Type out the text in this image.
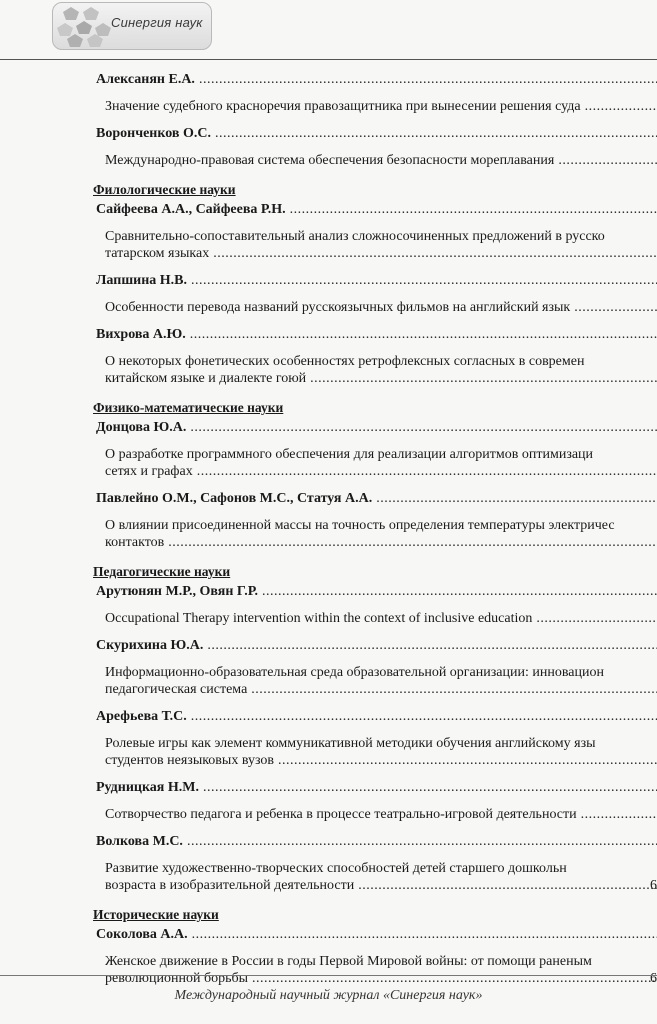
Синергия наук
Алексанян Е.А. .....
Значение судебного красноречия правозащитника при вынесении решения суда .....
Воронченков О.С. .....
Международно-правовая система обеспечения безопасности мореплавания .....
Филологические науки
Сайфеева А.А., Сайфеева Р.Н. .....
Сравнительно-сопоставительный анализ сложносочиненных предложений в русско
татарском языках .....
Лапшина Н.В. .....
Особенности перевода названий русскоязычных фильмов на английский язык .....
Вихрова А.Ю. .....
О некоторых фонетических особенностях ретрофлексных согласных в современ
китайском языке и диалекте гоюй .....
Физико-математические науки
Донцова Ю.А. .....
О разработке программного обеспечения для реализации алгоритмов оптимизаци
сетях и графах .....
Павлейно О.М., Сафонов М.С., Статуя А.А. .....
О влиянии присоединенной массы на точность определения температуры электричес
контактов .....
Педагогические науки
Арутюнян М.Р., Овян Г.Р. .....
Occupational Therapy intervention within the context of inclusive education .....
Скурихина Ю.А. .....
Информационно-образовательная среда образовательной организации: инновацион
педагогическая система .....
Арефьева Т.С. .....
Ролевые игры как элемент коммуникативной методики обучения английскому язы
студентов неязыковых вузов .....
Рудницкая Н.М. .....
Сотворчество педагога и ребенка в процессе театрально-игровой деятельности .....
Волкова М.С. .....
Развитие художественно-творческих способностей детей старшего дошкольн
возраста в изобразительной деятельности .....	6
Исторические науки
Соколова А.А. .....
Женское движение в России в годы Первой Мировой войны: от помощи раненым
революционной борьбы .....	6
Международный научный журнал «Синергия наук»
